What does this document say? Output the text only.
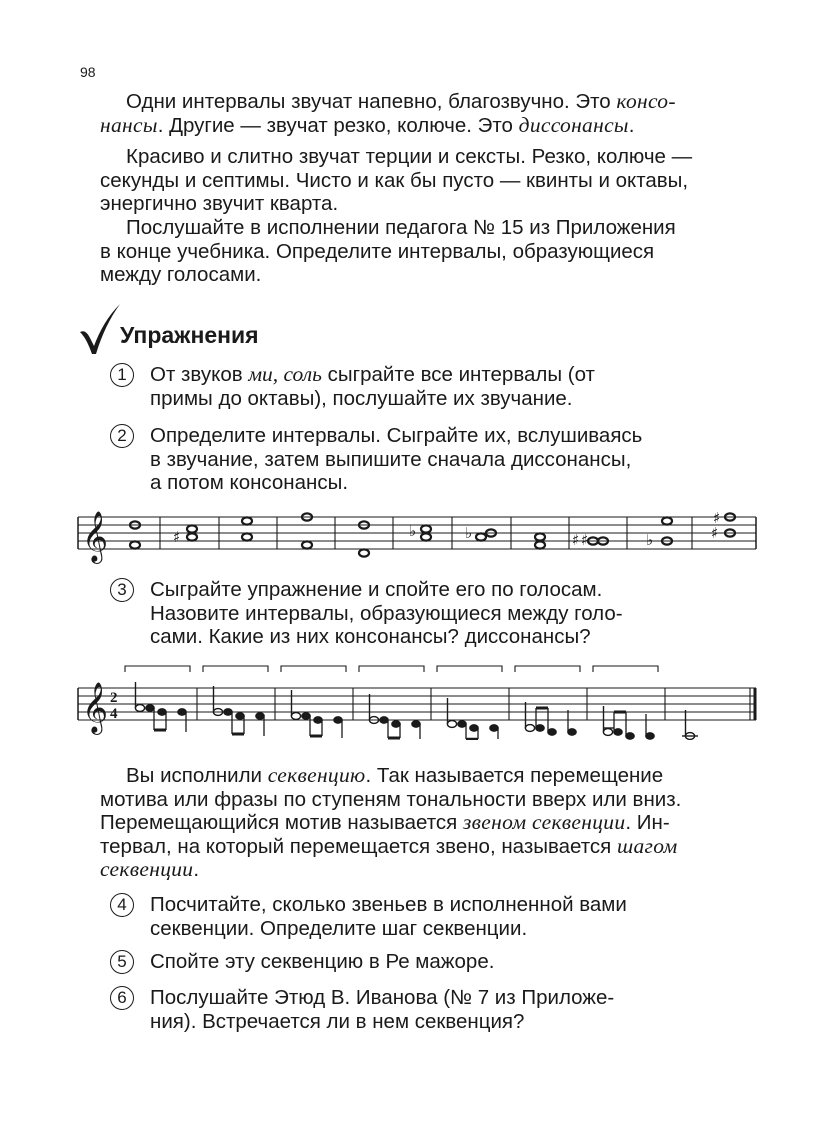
98
Одни интервалы звучат напевно, благозвучно. Это консо-
нансы. Другие — звучат резко, колюче. Это диссонансы.
Красиво и слитно звучат терции и сексты. Резко, колюче —
секунды и септимы. Чисто и как бы пусто — квинты и октавы,
энергично звучит кварта.
Послушайте в исполнении педагога № 15 из Приложения
в конце учебника. Определите интервалы, образующиеся
между голосами.
Упражнения
1	От звуков ми, соль сыграйте все интервалы (от
примы до октавы), послушайте их звучание.
2	Определите интервалы. Сыграйте их, вслушиваясь
в звучание, затем выпишите сначала диссонансы,
а потом консонансы.
𝄞	♯	♭	♭	♯ ♯	♭	♯
♯
3	Сыграйте упражнение и спойте его по голосам.
Назовите интервалы, образующиеся между голо-
сами. Какие из них консонансы? диссонансы?
𝄞 2
4
Вы исполнили секвенцию. Так называется перемещение
мотива или фразы по ступеням тональности вверх или вниз.
Перемещающийся мотив называется звеном секвенции. Ин-
тервал, на который перемещается звено, называется шагом
секвенции.
4	Посчитайте, сколько звеньев в исполненной вами
секвенции. Определите шаг секвенции.
5	Спойте эту секвенцию в Ре мажоре.
6	Послушайте Этюд В. Иванова (№ 7 из Приложе-
ния). Встречается ли в нем секвенция?
